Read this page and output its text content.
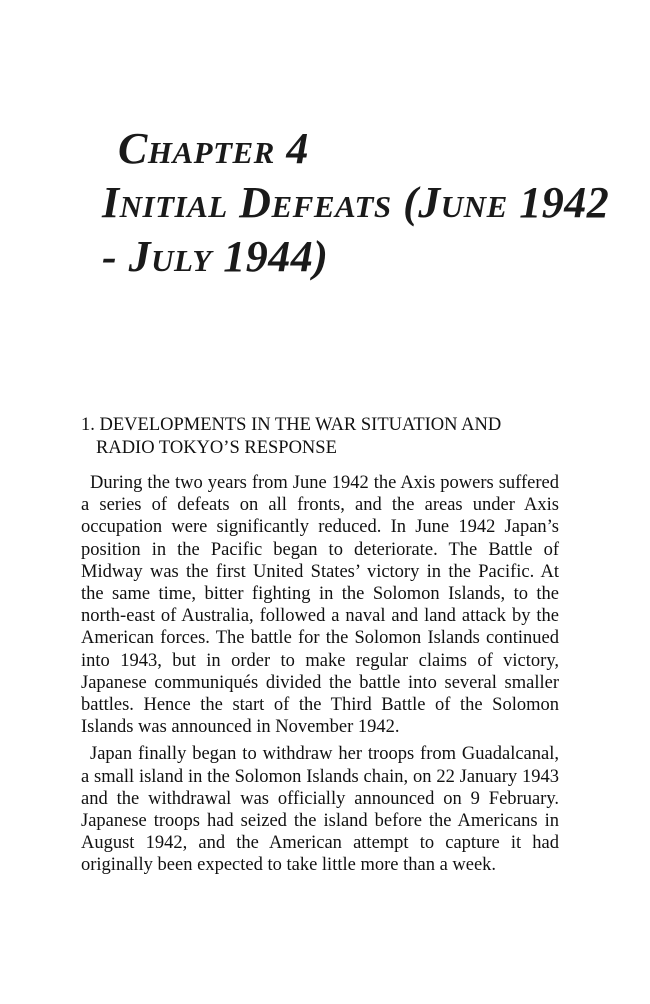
Chapter 4
Initial Defeats (June 1942
- July 1944)
1. DEVELOPMENTS IN THE WAR SITUATION AND
RADIO TOKYO’S RESPONSE

During the two years from June 1942 the Axis powers suffered a series of defeats on all fronts, and the areas under Axis occupation were significantly reduced. In June 1942 Japan’s position in the Pacific began to deteriorate. The Battle of Midway was the first United States’ victory in the Pacific. At the same time, bitter fighting in the Solomon Islands, to the north-east of Australia, followed a naval and land attack by the American forces. The battle for the Solomon Islands continued into 1943, but in order to make regular claims of victory, Japanese communiqués divided the battle into several smaller battles. Hence the start of the Third Battle of the Solomon Islands was announced in November 1942.

Japan finally began to withdraw her troops from Guadalcanal, a small island in the Solomon Islands chain, on 22 January 1943 and the withdrawal was officially announced on 9 February. Japanese troops had seized the island before the Americans in August 1942, and the American attempt to capture it had originally been expected to take little more than a week.
